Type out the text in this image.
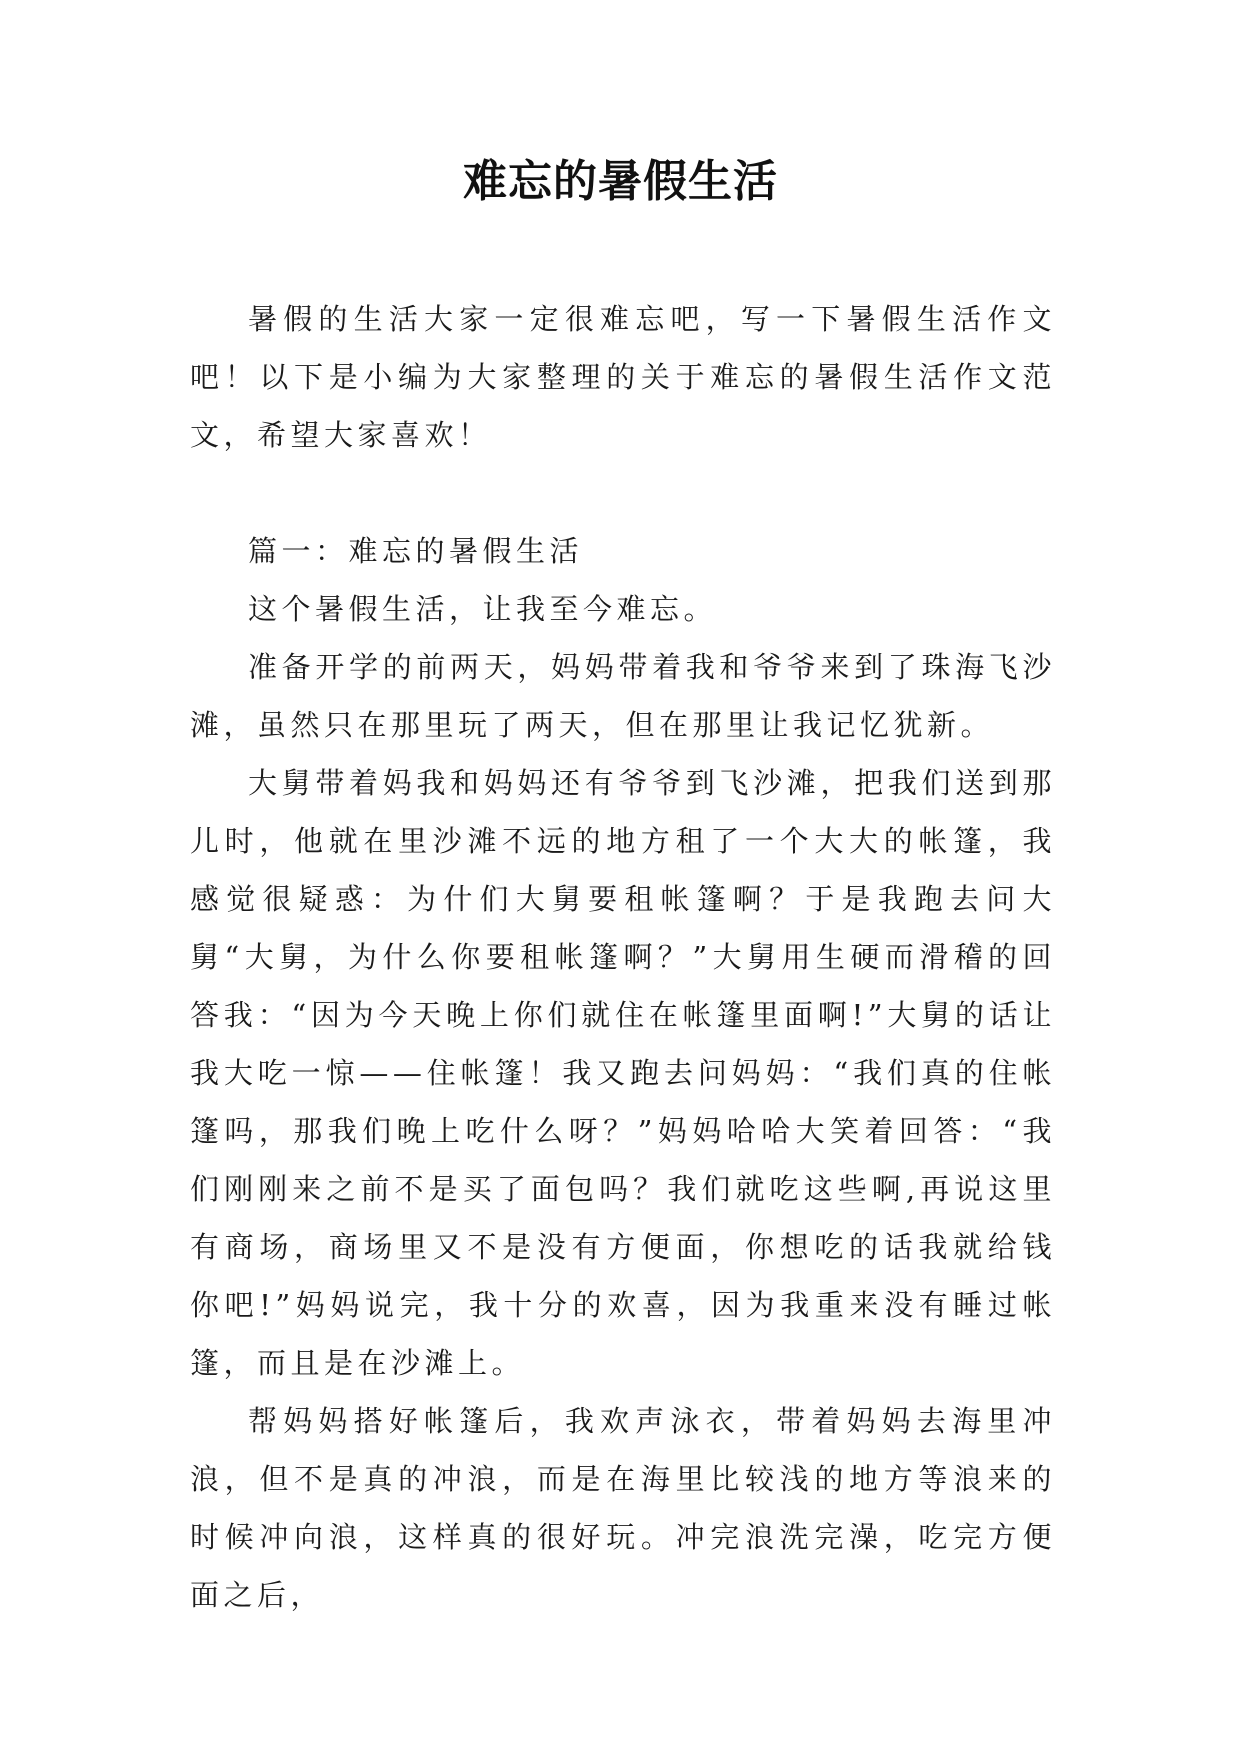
难忘的暑假生活

暑假的生活大家一定很难忘吧，写一下暑假生活作文吧！以下是小编为大家整理的关于难忘的暑假生活作文范文，希望大家喜欢！

篇一：难忘的暑假生活

这个暑假生活，让我至今难忘。

准备开学的前两天，妈妈带着我和爷爷来到了珠海飞沙滩，虽然只在那里玩了两天，但在那里让我记忆犹新。

大舅带着妈我和妈妈还有爷爷到飞沙滩，把我们送到那儿时，他就在里沙滩不远的地方租了一个大大的帐篷，我感觉很疑惑：为什们大舅要租帐篷啊？于是我跑去问大舅“大舅，为什么你要租帐篷啊？”大舅用生硬而滑稽的回答我：“因为今天晚上你们就住在帐篷里面啊!”大舅的话让我大吃一惊——住帐篷！我又跑去问妈妈：“我们真的住帐篷吗，那我们晚上吃什么呀？”妈妈哈哈大笑着回答：“我们刚刚来之前不是买了面包吗？我们就吃这些啊,再说这里有商场，商场里又不是没有方便面，你想吃的话我就给钱你吧!”妈妈说完，我十分的欢喜，因为我重来没有睡过帐篷，而且是在沙滩上。

帮妈妈搭好帐篷后，我欢声泳衣，带着妈妈去海里冲浪，但不是真的冲浪，而是在海里比较浅的地方等浪来的时候冲向浪，这样真的很好玩。冲完浪洗完澡，吃完方便面之后，
